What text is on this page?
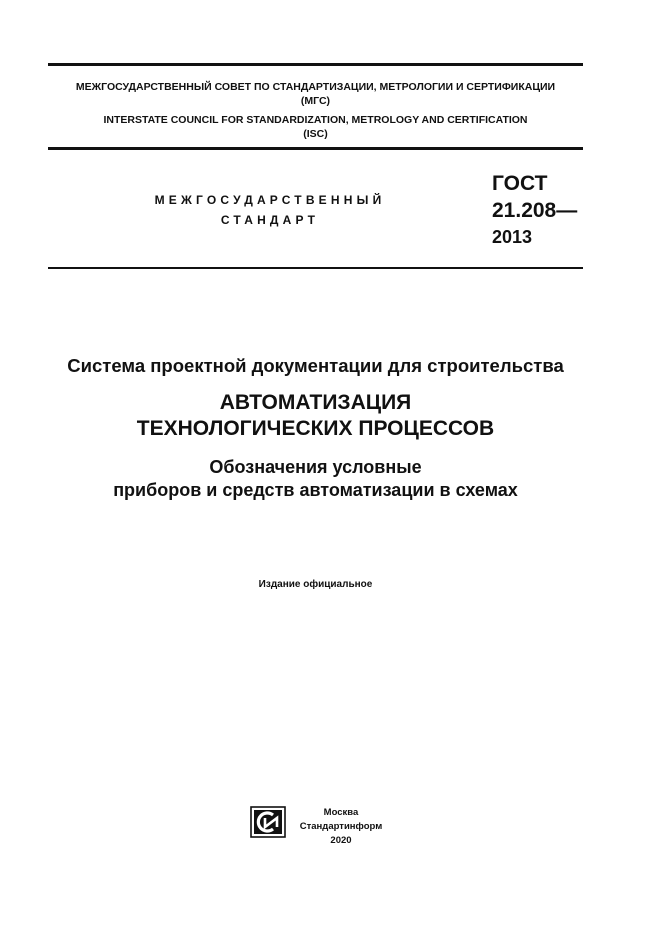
МЕЖГОСУДАРСТВЕННЫЙ СОВЕТ ПО СТАНДАРТИЗАЦИИ, МЕТРОЛОГИИ И СЕРТИФИКАЦИИ
(МГС)
INTERSTATE COUNCIL FOR STANDARDIZATION, METROLOGY AND CERTIFICATION
(ISC)
МЕЖГОСУДАРСТВЕННЫЙ
СТАНДАРТ
ГОСТ
21.208—
2013
Система проектной документации для строительства
АВТОМАТИЗАЦИЯ
ТЕХНОЛОГИЧЕСКИХ ПРОЦЕССОВ
Обозначения условные
приборов и средств автоматизации в схемах
Издание официальное
Москва
Стандартинформ
2020
